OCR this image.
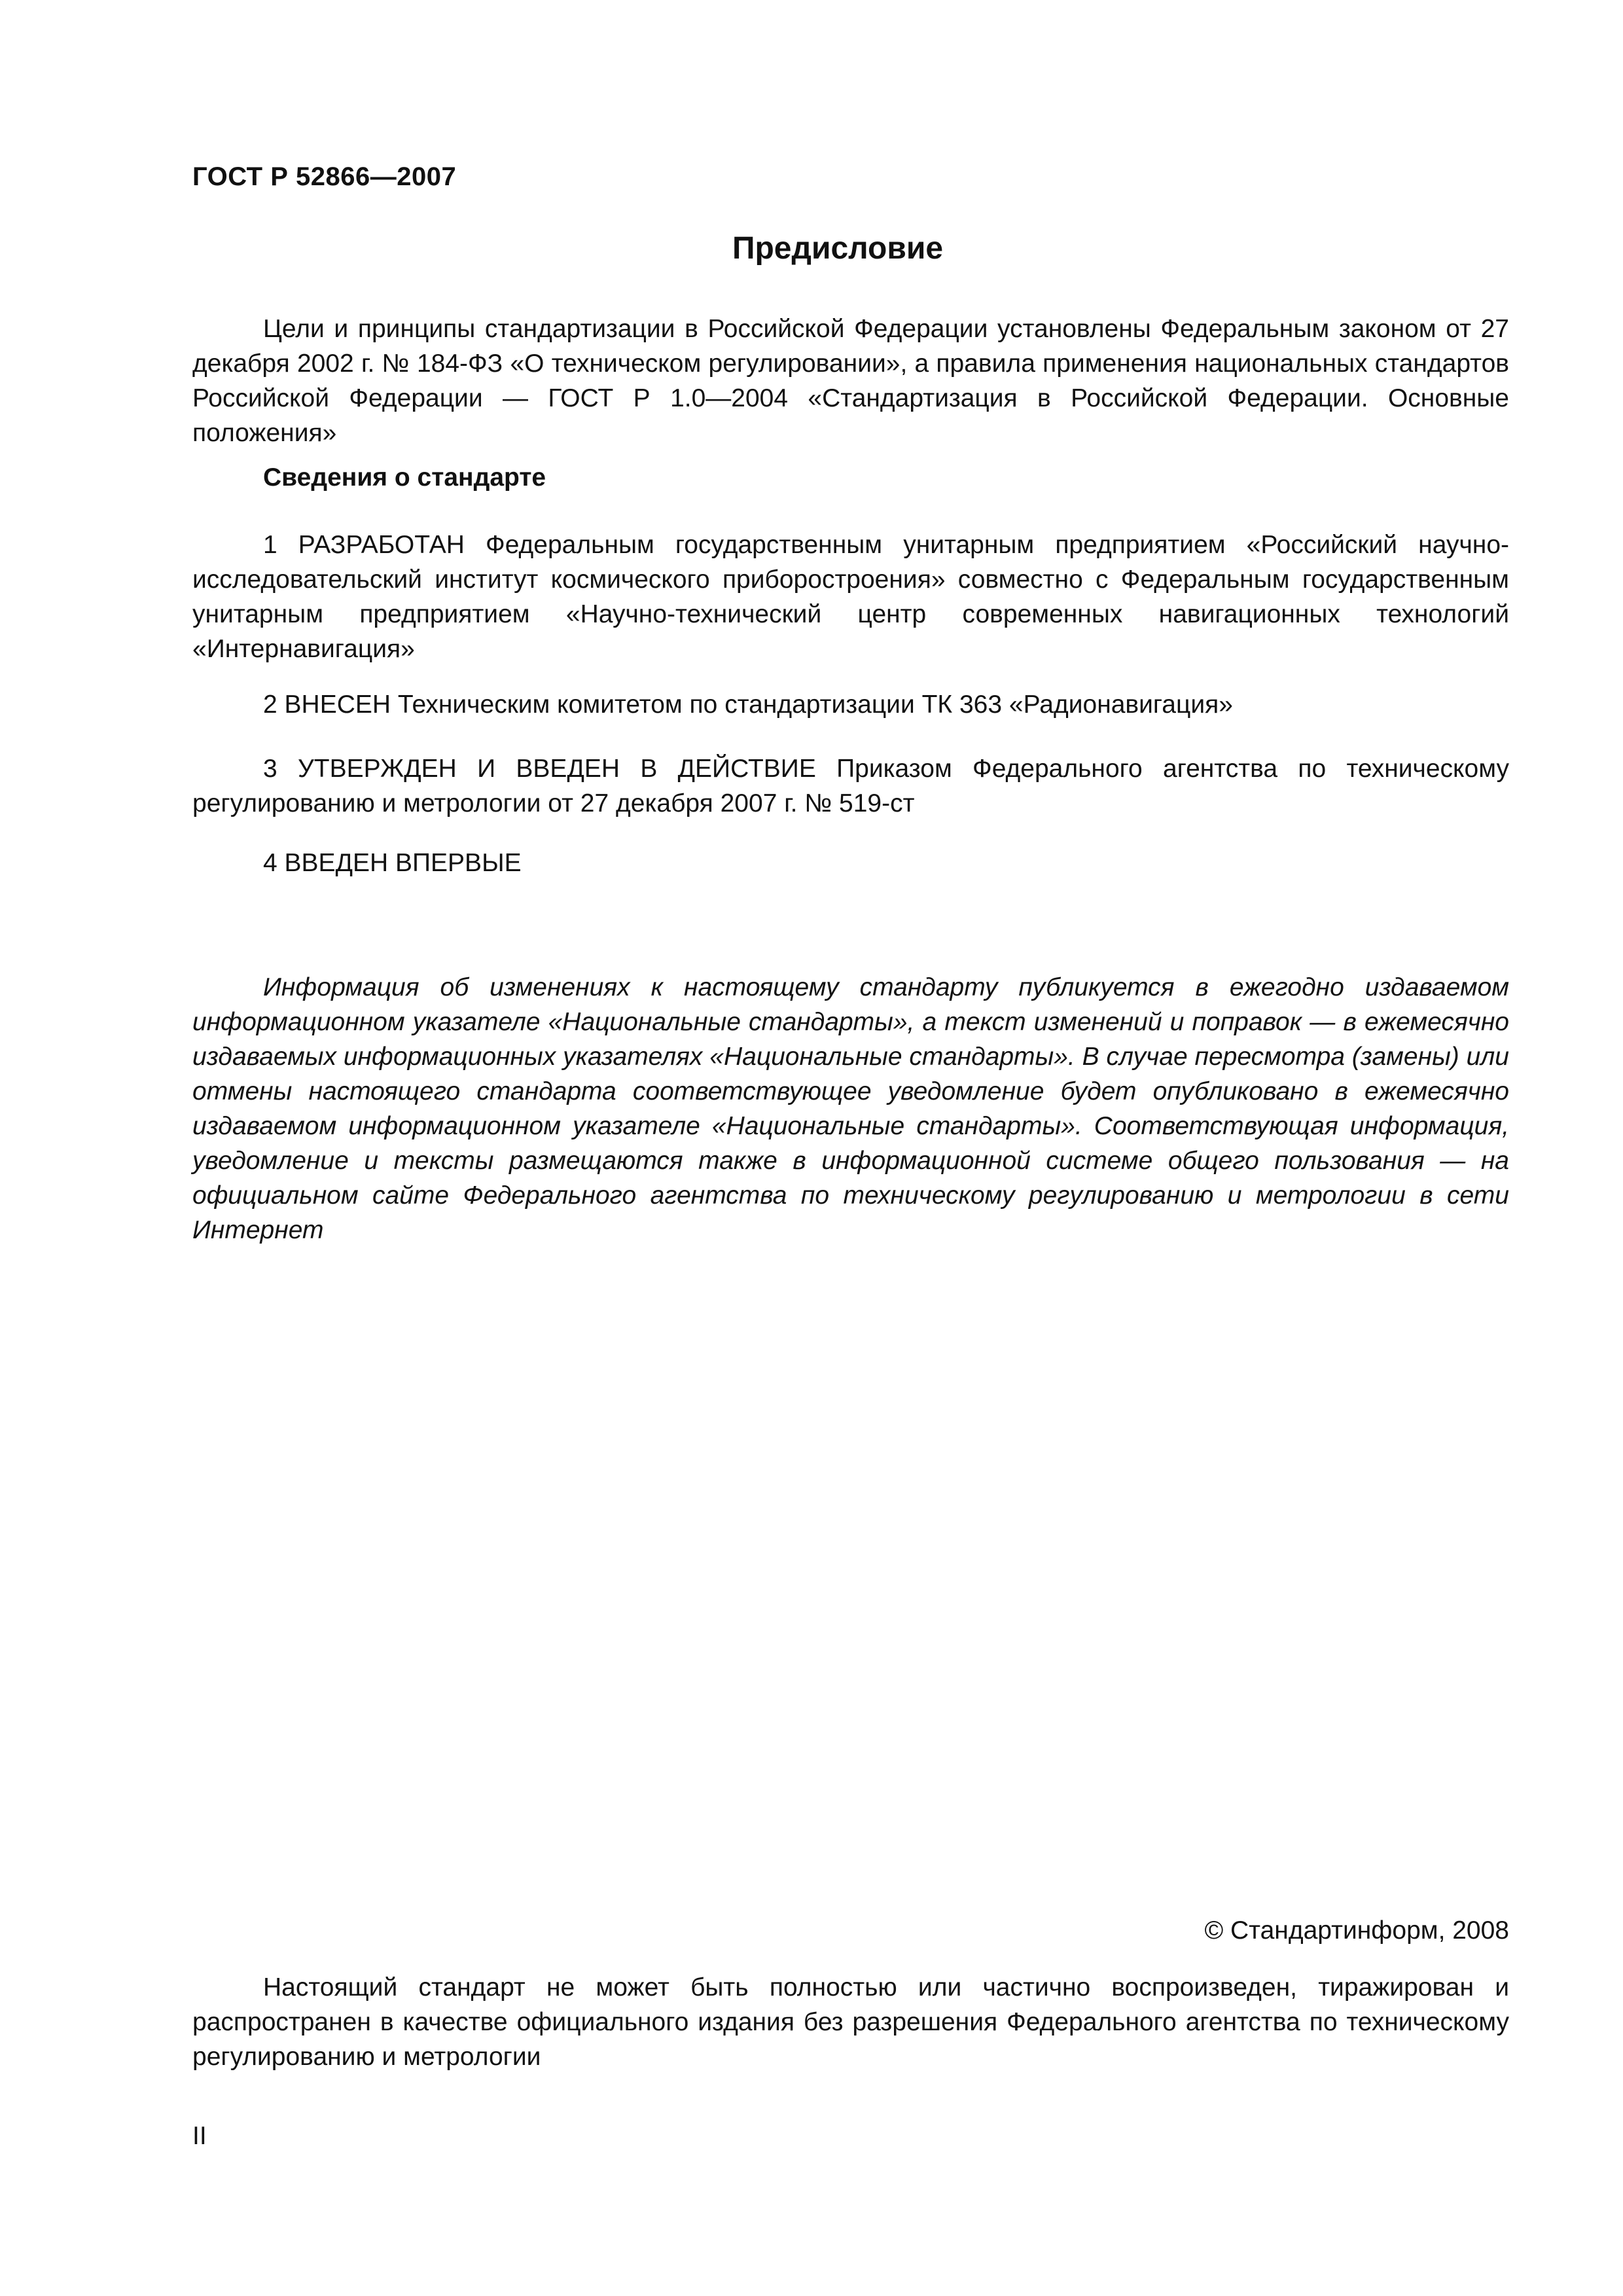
ГОСТ Р 52866—2007
Предисловие
Цели и принципы стандартизации в Российской Федерации установлены Федеральным законом от 27 декабря 2002 г. № 184-ФЗ «О техническом регулировании», а правила применения национальных стандартов Российской Федерации — ГОСТ Р 1.0—2004 «Стандартизация в Российской Федерации. Основные положения»
Сведения о стандарте
1 РАЗРАБОТАН Федеральным государственным унитарным предприятием «Российский научно-исследовательский институт космического приборостроения» совместно с Федеральным государственным унитарным предприятием «Научно-технический центр современных навигационных технологий «Интернавигация»
2 ВНЕСЕН Техническим комитетом по стандартизации ТК 363 «Радионавигация»
3 УТВЕРЖДЕН И ВВЕДЕН В ДЕЙСТВИЕ Приказом Федерального агентства по техническому регулированию и метрологии от 27 декабря 2007 г. № 519-ст
4 ВВЕДЕН ВПЕРВЫЕ
Информация об изменениях к настоящему стандарту публикуется в ежегодно издаваемом информационном указателе «Национальные стандарты», а текст изменений и поправок — в ежемесячно издаваемых информационных указателях «Национальные стандарты». В случае пересмотра (замены) или отмены настоящего стандарта соответствующее уведомление будет опубликовано в ежемесячно издаваемом информационном указателе «Национальные стандарты». Соответствующая информация, уведомление и тексты размещаются также в информационной системе общего пользования — на официальном сайте Федерального агентства по техническому регулированию и метрологии в сети Интернет
© Стандартинформ, 2008
Настоящий стандарт не может быть полностью или частично воспроизведен, тиражирован и распространен в качестве официального издания без разрешения Федерального агентства по техническому регулированию и метрологии
II
